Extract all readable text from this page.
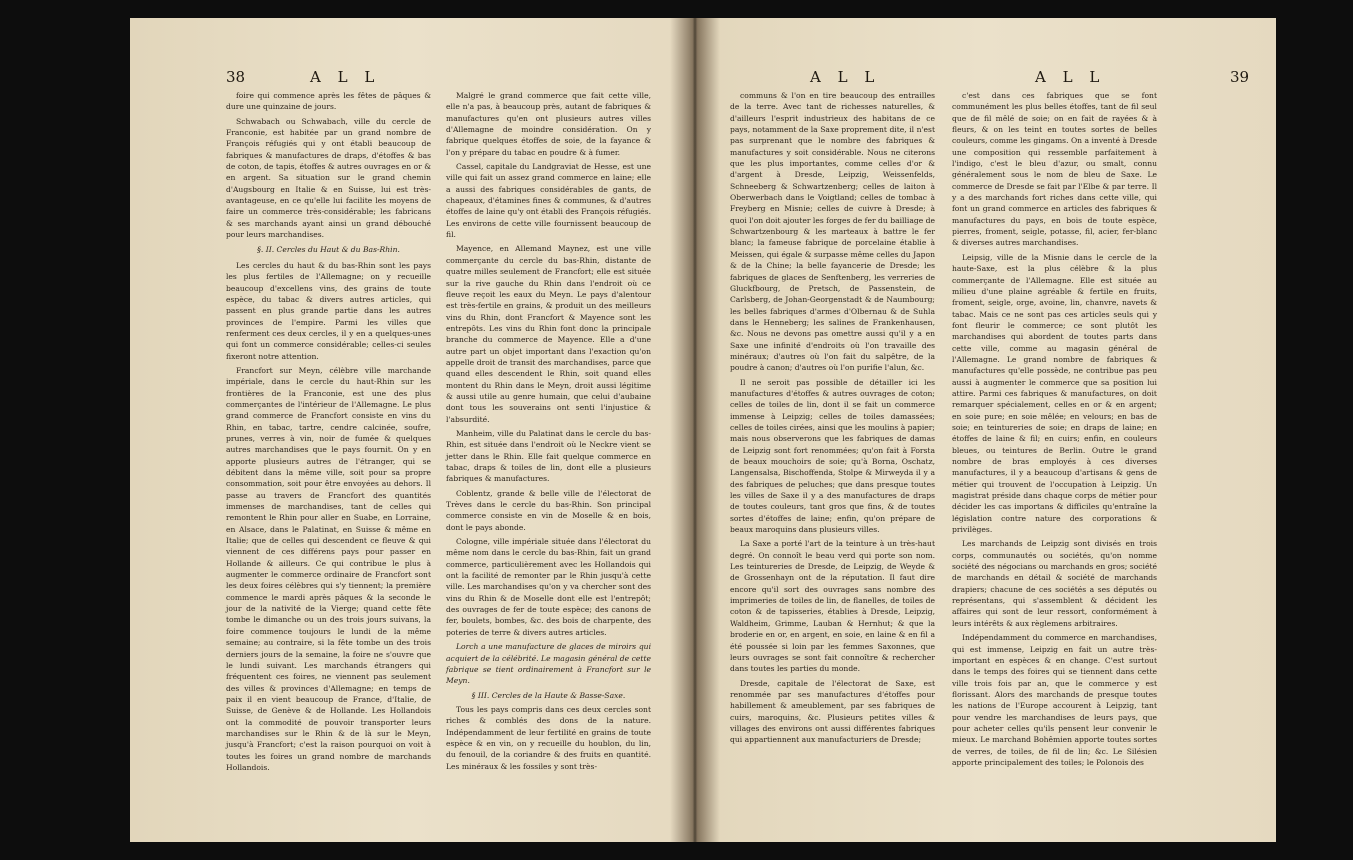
38	A L L

foire qui commence après les fêtes de pâques & dure une quinzaine de jours.

Schwabach ou Schwabach, ville du cercle de Franconie, est habitée par un grand nombre de François réfugiés qui y ont établi beaucoup de fabriques & manufactures de draps, d'étoffes & bas de coton, de tapis, étoffes & autres ouvrages en or & en argent. Sa situation sur le grand chemin d'Augsbourg en Italie & en Suisse, lui est très-avantageuse, en ce qu'elle lui facilite les moyens de faire un commerce très-considérable; les fabricans & ses marchands ayant ainsi un grand débouché pour leurs marchandises.

§. II. Cercles du Haut & du Bas-Rhin.

Les cercles du haut & du bas-Rhin sont les pays les plus fertiles de l'Allemagne; on y recueille beaucoup d'excellens vins, des grains de toute espèce, du tabac & divers autres articles, qui passent en plus grande partie dans les autres provinces de l'empire. Parmi les villes que renferment ces deux cercles, il y en a quelques-unes qui font un commerce considérable; celles-ci seules fixeront notre attention.

Francfort sur Meyn, célèbre ville marchande impériale, dans le cercle du haut-Rhin sur les frontières de la Franconie, est une des plus commerçantes de l'intérieur de l'Allemagne. Le plus grand commerce de Francfort consiste en vins du Rhin, en tabac, tartre, cendre calcinée, soufre, prunes, verres à vin, noir de fumée & quelques autres marchandises que le pays fournit. On y en apporte plusieurs autres de l'étranger, qui se débitent dans la même ville, soit pour sa propre consommation, soit pour être envoyées au dehors. Il passe au travers de Francfort des quantités immenses de marchandises, tant de celles qui remontent le Rhin pour aller en Suabe, en Lorraine, en Alsace, dans le Palatinat, en Suisse & même en Italie; que de celles qui descendent ce fleuve & qui viennent de ces différens pays pour passer en Hollande & ailleurs. Ce qui contribue le plus à augmenter le commerce ordinaire de Francfort sont les deux foires célèbres qui s'y tiennent; la première commence le mardi après pâques & la seconde le jour de la nativité de la Vierge; quand cette fête tombe le dimanche ou un des trois jours suivans, la foire commence toujours le lundi de la même semaine; au contraire, si la fête tombe un des trois derniers jours de la semaine, la foire ne s'ouvre que le lundi suivant. Les marchands étrangers qui fréquentent ces foires, ne viennent pas seulement des villes & provinces d'Allemagne; en temps de paix il en vient beaucoup de France, d'Italie, de Suisse, de Genève & de Hollande. Les Hollandois ont la commodité de pouvoir transporter leurs marchandises sur le Rhin & de là sur le Meyn, jusqu'à Francfort; c'est la raison pourquoi on voit à toutes les foires un grand nombre de marchands Hollandois.

Malgré le grand commerce que fait cette ville, elle n'a pas, à beaucoup près, autant de fabriques & manufactures qu'en ont plusieurs autres villes d'Allemagne de moindre considération. On y fabrique quelques étoffes de soie, de la fayance & l'on y prépare du tabac en poudre & à fumer.

Cassel, capitale du Landgraviat de Hesse, est une ville qui fait un assez grand commerce en laine; elle a aussi des fabriques considérables de gants, de chapeaux, d'étamines fines & communes, & d'autres étoffes de laine qu'y ont établi des François réfugiés. Les environs de cette ville fournissent beaucoup de fil.

Mayence, en Allemand Maynez, est une ville commerçante du cercle du bas-Rhin, distante de quatre milles seulement de Francfort; elle est située sur la rive gauche du Rhin dans l'endroit où ce fleuve reçoit les eaux du Meyn. Le pays d'alentour est très-fertile en grains, & produit un des meilleurs vins du Rhin, dont Francfort & Mayence sont les entrepôts. Les vins du Rhin font donc la principale branche du commerce de Mayence. Elle a d'une autre part un objet important dans l'exaction qu'on appelle droit de transit des marchandises, parce que quand elles descendent le Rhin, soit quand elles montent du Rhin dans le Meyn, droit aussi légitime & aussi utile au genre humain, que celui d'aubaine dont tous les souverains ont senti l'injustice & l'absurdité.

Manheim, ville du Palatinat dans le cercle du bas-Rhin, est située dans l'endroit où le Neckre vient se jetter dans le Rhin. Elle fait quelque commerce en tabac, draps & toiles de lin, dont elle a plusieurs fabriques & manufactures.

Coblentz, grande & belle ville de l'électorat de Trèves dans le cercle du bas-Rhin. Son principal commerce consiste en vin de Moselle & en bois, dont le pays abonde.

Cologne, ville impériale située dans l'électorat du même nom dans le cercle du bas-Rhin, fait un grand commerce, particulièrement avec les Hollandois qui ont la facilité de remonter par le Rhin jusqu'à cette ville. Les marchandises qu'on y va chercher sont des vins du Rhin & de Moselle dont elle est l'entrepôt; des ouvrages de fer de toute espèce; des canons de fer, boulets, bombes, &c. des bois de charpente, des poteries de terre & divers autres articles.

Lorch a une manufacture de glaces de miroirs qui acquiert de la célébrité. Le magasin général de cette fabrique se tient ordinairement à Francfort sur le Meyn.

§ III. Cercles de la Haute & Basse-Saxe.

Tous les pays compris dans ces deux cercles sont riches & comblés des dons de la nature. Indépendamment de leur fertilité en grains de toute espèce & en vin, on y recueille du houblon, du lin, du fenouil, de la coriandre & des fruits en quantité. Les minéraux & les fossiles y sont très-

A L L	A L L	39

communs & l'on en tire beaucoup des entrailles de la terre. Avec tant de richesses naturelles, & d'ailleurs l'esprit industrieux des habitans de ce pays, notamment de la Saxe proprement dite, il n'est pas surprenant que le nombre des fabriques & manufactures y soit considérable. Nous ne citerons que les plus importantes, comme celles d'or & d'argent à Dresde, Leipzig, Weissenfelds, Schneeberg & Schwartzenberg; celles de laiton à Oberwerbach dans le Voigtland; celles de tombac à Freyberg en Misnie; celles de cuivre à Dresde; à quoi l'on doit ajouter les forges de fer du bailliage de Schwartzenbourg & les marteaux à battre le fer blanc; la fameuse fabrique de porcelaine établie à Meissen, qui égale & surpasse même celles du Japon & de la Chine; la belle fayancerie de Dresde; les fabriques de glaces de Senftenberg, les verreries de Gluckfbourg, de Pretsch, de Passenstein, de Carlsberg, de Johan-Georgenstadt & de Naumbourg; les belles fabriques d'armes d'Olbernau & de Suhla dans le Henneberg; les salines de Frankenhausen, &c. Nous ne devons pas omettre aussi qu'il y a en Saxe une infinité d'endroits où l'on travaille des minéraux; d'autres où l'on fait du salpêtre, de la poudre à canon; d'autres où l'on purifie l'alun, &c.

Il ne seroit pas possible de détailler ici les manufactures d'étoffes & autres ouvrages de coton; celles de toiles de lin, dont il se fait un commerce immense à Leipzig; celles de toiles damassées; celles de toiles cirées, ainsi que les moulins à papier; mais nous observerons que les fabriques de damas de Leipzig sont fort renommées; qu'on fait à Forsta de beaux mouchoirs de soie; qu'à Borna, Oschatz, Langensalsa, Bischoffenda, Stolpe & Mirweyda il y a des fabriques de peluches; que dans presque toutes les villes de Saxe il y a des manufactures de draps de toutes couleurs, tant gros que fins, & de toutes sortes d'étoffes de laine; enfin, qu'on prépare de beaux maroquins dans plusieurs villes.

La Saxe a porté l'art de la teinture à un très-haut degré. On connoît le beau verd qui porte son nom. Les teintureries de Dresde, de Leipzig, de Weyde & de Grossenhayn ont de la réputation. Il faut dire encore qu'il sort des ouvrages sans nombre des imprimeries de toiles de lin, de flanelles, de toiles de coton & de tapisseries, établies à Dresde, Leipzig, Waldheim, Grimme, Lauban & Hernhut; & que la broderie en or, en argent, en soie, en laine & en fil a été poussée si loin par les femmes Saxonnes, que leurs ouvrages se sont fait connoître & rechercher dans toutes les parties du monde.

Dresde, capitale de l'électorat de Saxe, est renommée par ses manufactures d'étoffes pour habillement & ameublement, par ses fabriques de cuirs, maroquins, &c. Plusieurs petites villes & villages des environs ont aussi différentes fabriques qui appartiennent aux manufacturiers de Dresde;

c'est dans ces fabriques que se font communément les plus belles étoffes, tant de fil seul que de fil mêlé de soie; on en fait de rayées & à fleurs, & on les teint en toutes sortes de belles couleurs, comme les gingams. On a inventé à Dresde une composition qui ressemble parfaitement à l'indigo, c'est le bleu d'azur, ou smalt, connu généralement sous le nom de bleu de Saxe. Le commerce de Dresde se fait par l'Elbe & par terre. Il y a des marchands fort riches dans cette ville, qui font un grand commerce en articles des fabriques & manufactures du pays, en bois de toute espèce, pierres, froment, seigle, potasse, fil, acier, fer-blanc & diverses autres marchandises.

Leipsig, ville de la Misnie dans le cercle de la haute-Saxe, est la plus célèbre & la plus commerçante de l'Allemagne. Elle est située au milieu d'une plaine agréable & fertile en fruits, froment, seigle, orge, avoine, lin, chanvre, navets & tabac. Mais ce ne sont pas ces articles seuls qui y font fleurir le commerce; ce sont plutôt les marchandises qui abordent de toutes parts dans cette ville, comme au magasin général de l'Allemagne. Le grand nombre de fabriques & manufactures qu'elle possède, ne contribue pas peu aussi à augmenter le commerce que sa position lui attire. Parmi ces fabriques & manufactures, on doit remarquer spécialement, celles en or & en argent; en soie pure; en soie mêlée; en velours; en bas de soie; en teintureries de soie; en draps de laine; en étoffes de laine & fil; en cuirs; enfin, en couleurs bleues, ou teintures de Berlin. Outre le grand nombre de bras employés à ces diverses manufactures, il y a beaucoup d'artisans & gens de métier qui trouvent de l'occupation à Leipzig. Un magistrat préside dans chaque corps de métier pour décider les cas importans & difficiles qu'entraîne la législation contre nature des corporations & privilèges.

Les marchands de Leipzig sont divisés en trois corps, communautés ou sociétés, qu'on nomme société des négocians ou marchands en gros; société de marchands en détail & société de marchands drapiers; chacune de ces sociétés a ses députés ou représentans, qui s'assemblent & décident les affaires qui sont de leur ressort, conformément à leurs intérêts & aux règlemens arbitraires.

Indépendamment du commerce en marchandises, qui est immense, Leipzig en fait un autre très-important en espèces & en change. C'est surtout dans le temps des foires qui se tiennent dans cette ville trois fois par an, que le commerce y est florissant. Alors des marchands de presque toutes les nations de l'Europe accourent à Leipzig, tant pour vendre les marchandises de leurs pays, que pour acheter celles qu'ils pensent leur convenir le mieux. Le marchand Bohêmien apporte toutes sortes de verres, de toiles, de fil de lin; &c. Le Silésien apporte principalement des toiles; le Polonois des
